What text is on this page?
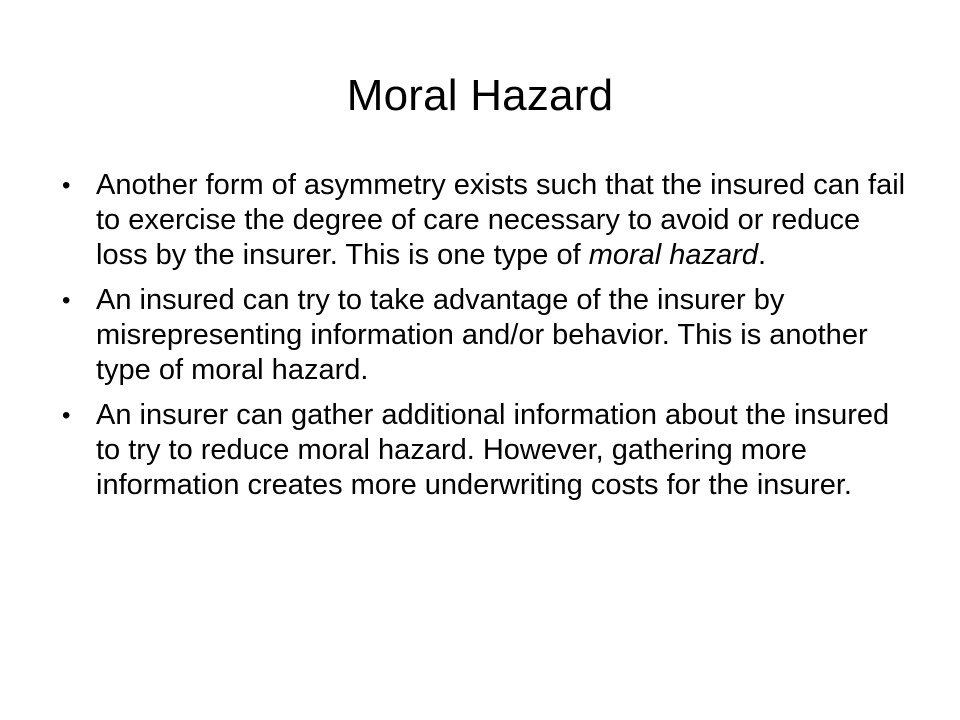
Moral Hazard
• Another form of asymmetry exists such that the insured can fail to exercise the degree of care necessary to avoid or reduce loss by the insurer. This is one type of moral hazard.
• An insured can try to take advantage of the insurer by misrepresenting information and/or behavior. This is another type of moral hazard.
• An insurer can gather additional information about the insured to try to reduce moral hazard. However, gathering more information creates more underwriting costs for the insurer.
